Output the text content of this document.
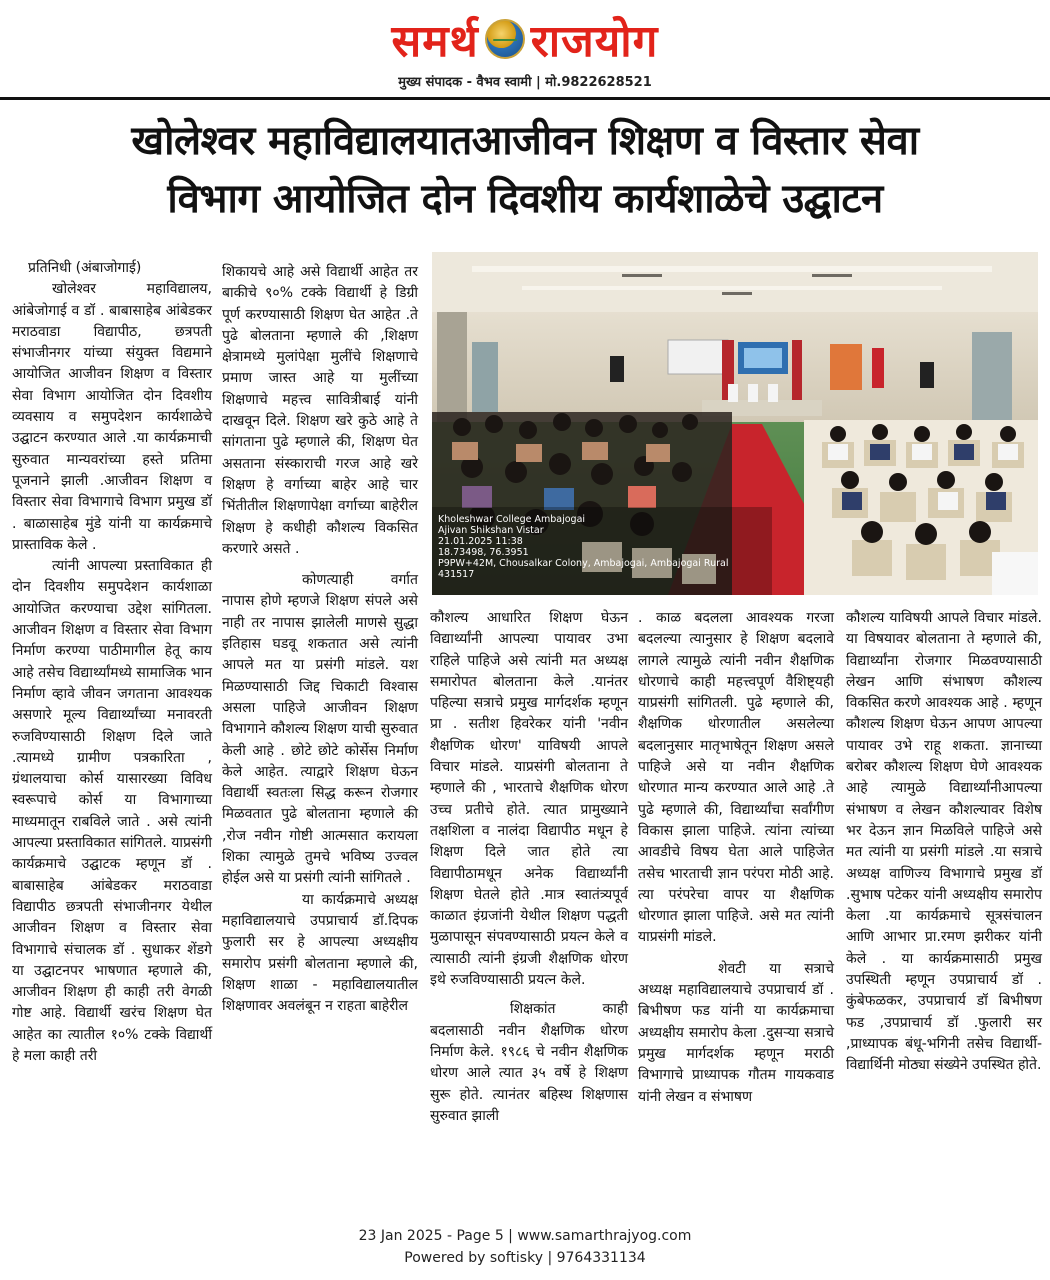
समर्थ राजयोग
मुख्य संपादक - वैभव स्वामी | मो.9822628521
खोलेश्वर महाविद्यालयातआजीवन शिक्षण व विस्तार सेवा
विभाग आयोजित दोन दिवशीय कार्यशाळेचे उद्घाटन

प्रतिनिधी (अंबाजोगाई)

खोलेश्वर महाविद्यालय, आंबेजोगाई व डॉ . बाबासाहेब आंबेडकर मराठवाडा विद्यापीठ, छत्रपती संभाजीनगर यांच्या संयुक्त विद्यमाने आयोजित आजीवन शिक्षण व विस्तार सेवा विभाग आयोजित दोन दिवशीय व्यवसाय व समुपदेशन कार्यशाळेचे उद्घाटन करण्यात आले .या कार्यक्रमाची सुरुवात मान्यवरांच्या हस्ते प्रतिमा पूजनाने झाली .आजीवन शिक्षण व विस्तार सेवा विभागाचे विभाग प्रमुख डॉ . बाळासाहेब मुंडे यांनी या कार्यक्रमाचे प्रास्ताविक केले .

त्यांनी आपल्या प्रस्ताविकात ही दोन दिवशीय समुपदेशन कार्यशाळा आयोजित करण्याचा उद्देश सांगितला. आजीवन शिक्षण व विस्तार सेवा विभाग निर्माण करण्या पाठीमागील हेतू काय आहे तसेच विद्यार्थ्यांमध्ये सामाजिक भान निर्माण व्हावे जीवन जगताना आवश्यक असणारे मूल्य विद्यार्थ्यांच्या मनावरती रुजविण्यासाठी शिक्षण दिले जाते .त्यामध्ये ग्रामीण पत्रकारिता , ग्रंथालयाचा कोर्स यासारख्या विविध स्वरूपाचे कोर्स या विभागाच्या माध्यमातून राबविले जाते . असे त्यांनी आपल्या प्रस्ताविकात सांगितले. याप्रसंगी कार्यक्रमाचे उद्घाटक म्हणून डॉ . बाबासाहेब आंबेडकर मराठवाडा विद्यापीठ छत्रपती संभाजीनगर येथील आजीवन शिक्षण व विस्तार सेवा विभागाचे संचालक डॉ . सुधाकर शेंडगे या उद्घाटनपर भाषणात म्हणाले की, आजीवन शिक्षण ही काही तरी वेगळी गोष्ट आहे. विद्यार्थी खरंच शिक्षण घेत आहेत का त्यातील १०% टक्के विद्यार्थी हे मला काही तरी

शिकायचे आहे असे विद्यार्थी आहेत तर बाकीचे ९०% टक्के विद्यार्थी हे डिग्री पूर्ण करण्यासाठी शिक्षण घेत आहेत .ते पुढे बोलताना म्हणाले की ,शिक्षण क्षेत्रामध्ये मुलांपेक्षा मुलींचे शिक्षणाचे प्रमाण जास्त आहे या मुलींच्या शिक्षणाचे महत्त्व सावित्रीबाई यांनी दाखवून दिले. शिक्षण खरे कुठे आहे ते सांगताना पुढे म्हणाले की, शिक्षण घेत असताना संस्काराची गरज आहे खरे शिक्षण हे वर्गाच्या बाहेर आहे चार भिंतीतील शिक्षणापेक्षा वर्गाच्या बाहेरील शिक्षण हे कधीही कौशल्य विकसित करणारे असते .

कोणत्याही वर्गात नापास होणे म्हणजे शिक्षण संपले असे नाही तर नापास झालेली माणसे सुद्धा इतिहास घडवू शकतात असे त्यांनी आपले मत या प्रसंगी मांडले. यश मिळण्यासाठी जिद्द चिकाटी विश्वास असला पाहिजे आजीवन शिक्षण विभागाने कौशल्य शिक्षण याची सुरुवात केली आहे . छोटे छोटे कोर्सेस निर्माण केले आहेत. त्याद्वारे शिक्षण घेऊन विद्यार्थी स्वतःला सिद्ध करून रोजगार मिळवतात पुढे बोलताना म्हणाले की ,रोज नवीन गोष्टी आत्मसात करायला शिका त्यामुळे तुमचे भविष्य उज्वल होईल असे या प्रसंगी त्यांनी सांगितले .

या कार्यक्रमाचे अध्यक्ष महाविद्यालयाचे उपप्राचार्य डॉ.दिपक फुलारी सर हे आपल्या अध्यक्षीय समारोप प्रसंगी बोलताना म्हणाले की, शिक्षण शाळा - महाविद्यालयातील शिक्षणावर अवलंबून न राहता बाहेरील

Kholeshwar College Ambajogai
Ajivan Shikshan Vistar
21.01.2025 11:38
18.73498, 76.3951
P9PW+42M, Chousalkar Colony, Ambajogai, Ambajogai Rural
431517

कौशल्य आधारित शिक्षण घेऊन विद्यार्थ्यांनी आपल्या पायावर उभा राहिले पाहिजे असे त्यांनी मत अध्यक्ष समारोपत बोलताना केले .यानंतर पहिल्या सत्राचे प्रमुख मार्गदर्शक म्हणून प्रा . सतीश हिवरेकर यांनी 'नवीन शैक्षणिक धोरण' याविषयी आपले विचार मांडले. याप्रसंगी बोलताना ते म्हणाले की , भारताचे शैक्षणिक धोरण उच्च प्रतीचे होते. त्यात प्रामुख्याने तक्षशिला व नालंदा विद्यापीठ मधून हे शिक्षण दिले जात होते त्या विद्यापीठामधून अनेक विद्यार्थ्यांनी शिक्षण घेतले होते .मात्र स्वातंत्र्यपूर्व काळात इंग्रजांनी येथील शिक्षण पद्धती मुळापासून संपवण्यासाठी प्रयत्न केले व त्यासाठी त्यांनी इंग्रजी शैक्षणिक धोरण इथे रुजविण्यासाठी प्रयत्न केले.

शिक्षकांत काही बदलासाठी नवीन शैक्षणिक धोरण निर्माण केले. १९८६ चे नवीन शैक्षणिक धोरण आले त्यात ३५ वर्षे हे शिक्षण सुरू होते. त्यानंतर बहिस्थ शिक्षणास सुरुवात झाली

. काळ बदलला आवश्यक गरजा बदलल्या त्यानुसार हे शिक्षण बदलावे लागले त्यामुळे त्यांनी नवीन शैक्षणिक धोरणाचे काही महत्त्वपूर्ण वैशिष्ट्यही याप्रसंगी सांगितली. पुढे म्हणाले की, शैक्षणिक धोरणातील असलेल्या बदलानुसार मातृभाषेतून शिक्षण असले पाहिजे असे या नवीन शैक्षणिक धोरणात मान्य करण्यात आले आहे .ते पुढे म्हणाले की, विद्यार्थ्यांचा सर्वांगीण विकास झाला पाहिजे. त्यांना त्यांच्या आवडीचे विषय घेता आले पाहिजेत तसेच भारताची ज्ञान परंपरा मोठी आहे. त्या परंपरेचा वापर या शैक्षणिक धोरणात झाला पाहिजे. असे मत त्यांनी याप्रसंगी मांडले.

शेवटी या सत्राचे अध्यक्ष महाविद्यालयाचे उपप्राचार्य डॉ . बिभीषण फड यांनी या कार्यक्रमाचा अध्यक्षीय समारोप केला .दुसऱ्या सत्राचे प्रमुख मार्गदर्शक म्हणून मराठी विभागाचे प्राध्यापक गौतम गायकवाड यांनी लेखन व संभाषण

कौशल्य याविषयी आपले विचार मांडले. या विषयावर बोलताना ते म्हणाले की, विद्यार्थ्यांना रोजगार मिळवण्यासाठी लेखन आणि संभाषण कौशल्य विकसित करणे आवश्यक आहे . म्हणून कौशल्य शिक्षण घेऊन आपण आपल्या पायावर उभे राहू शकता. ज्ञानाच्या बरोबर कौशल्य शिक्षण घेणे आवश्यक आहे त्यामुळे विद्यार्थ्यांनीआपल्या संभाषण व लेखन कौशल्यावर विशेष भर देऊन ज्ञान मिळविले पाहिजे असे मत त्यांनी या प्रसंगी मांडले .या सत्राचे अध्यक्ष वाणिज्य विभागाचे प्रमुख डॉ .सुभाष पटेकर यांनी अध्यक्षीय समारोप केला .या कार्यक्रमाचे सूत्रसंचालन आणि आभार प्रा.रमण झरीकर यांनी केले . या कार्यक्रमासाठी प्रमुख उपस्थिती म्हणून उपप्राचार्य डॉ . कुंबेफळकर, उपप्राचार्य डॉ बिभीषण फड ,उपप्राचार्य डॉ .फुलारी सर ,प्राध्यापक बंधू-भगिनी तसेच विद्यार्थी-विद्यार्थिनी मोठ्या संख्येने उपस्थित होते.

23 Jan 2025 - Page 5 | www.samarthrajyog.com
Powered by softisky | 9764331134
